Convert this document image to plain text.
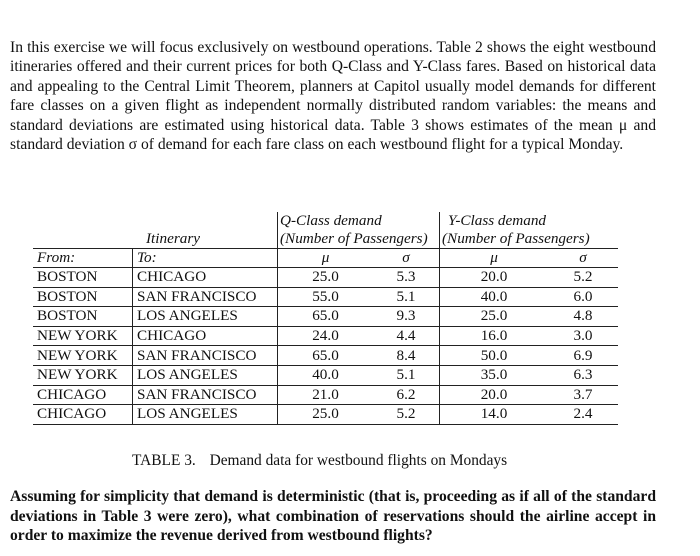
In this exercise we will focus exclusively on westbound operations. Table 2 shows the eight westbound itineraries offered and their current prices for both Q-Class and Y-Class fares. Based on historical data and appealing to the Central Limit Theorem, planners at Capitol usually model demands for different fare classes on a given flight as independent normally distributed random variables: the means and standard deviations are estimated using historical data. Table 3 shows estimates of the mean μ and standard deviation σ of demand for each fare class on each westbound flight for a typical Monday.

		Q-Class demand		Y-Class demand	
Itinerary		(Number of Passengers)		(Number of Passengers)	
From:	To:	μ	σ	μ	σ
BOSTON	CHICAGO	25.0	5.3	20.0	5.2
BOSTON	SAN FRANCISCO	55.0	5.1	40.0	6.0
BOSTON	LOS ANGELES	65.0	9.3	25.0	4.8
NEW YORK	CHICAGO	24.0	4.4	16.0	3.0
NEW YORK	SAN FRANCISCO	65.0	8.4	50.0	6.9
NEW YORK	LOS ANGELES	40.0	5.1	35.0	6.3
CHICAGO	SAN FRANCISCO	21.0	6.2	20.0	3.7
CHICAGO	LOS ANGELES	25.0	5.2	14.0	2.4
TABLE 3. Demand data for westbound flights on Mondays

Assuming for simplicity that demand is deterministic (that is, proceeding as if all of the standard deviations in Table 3 were zero), what combination of reservations should the airline accept in order to maximize the revenue derived from westbound flights?
